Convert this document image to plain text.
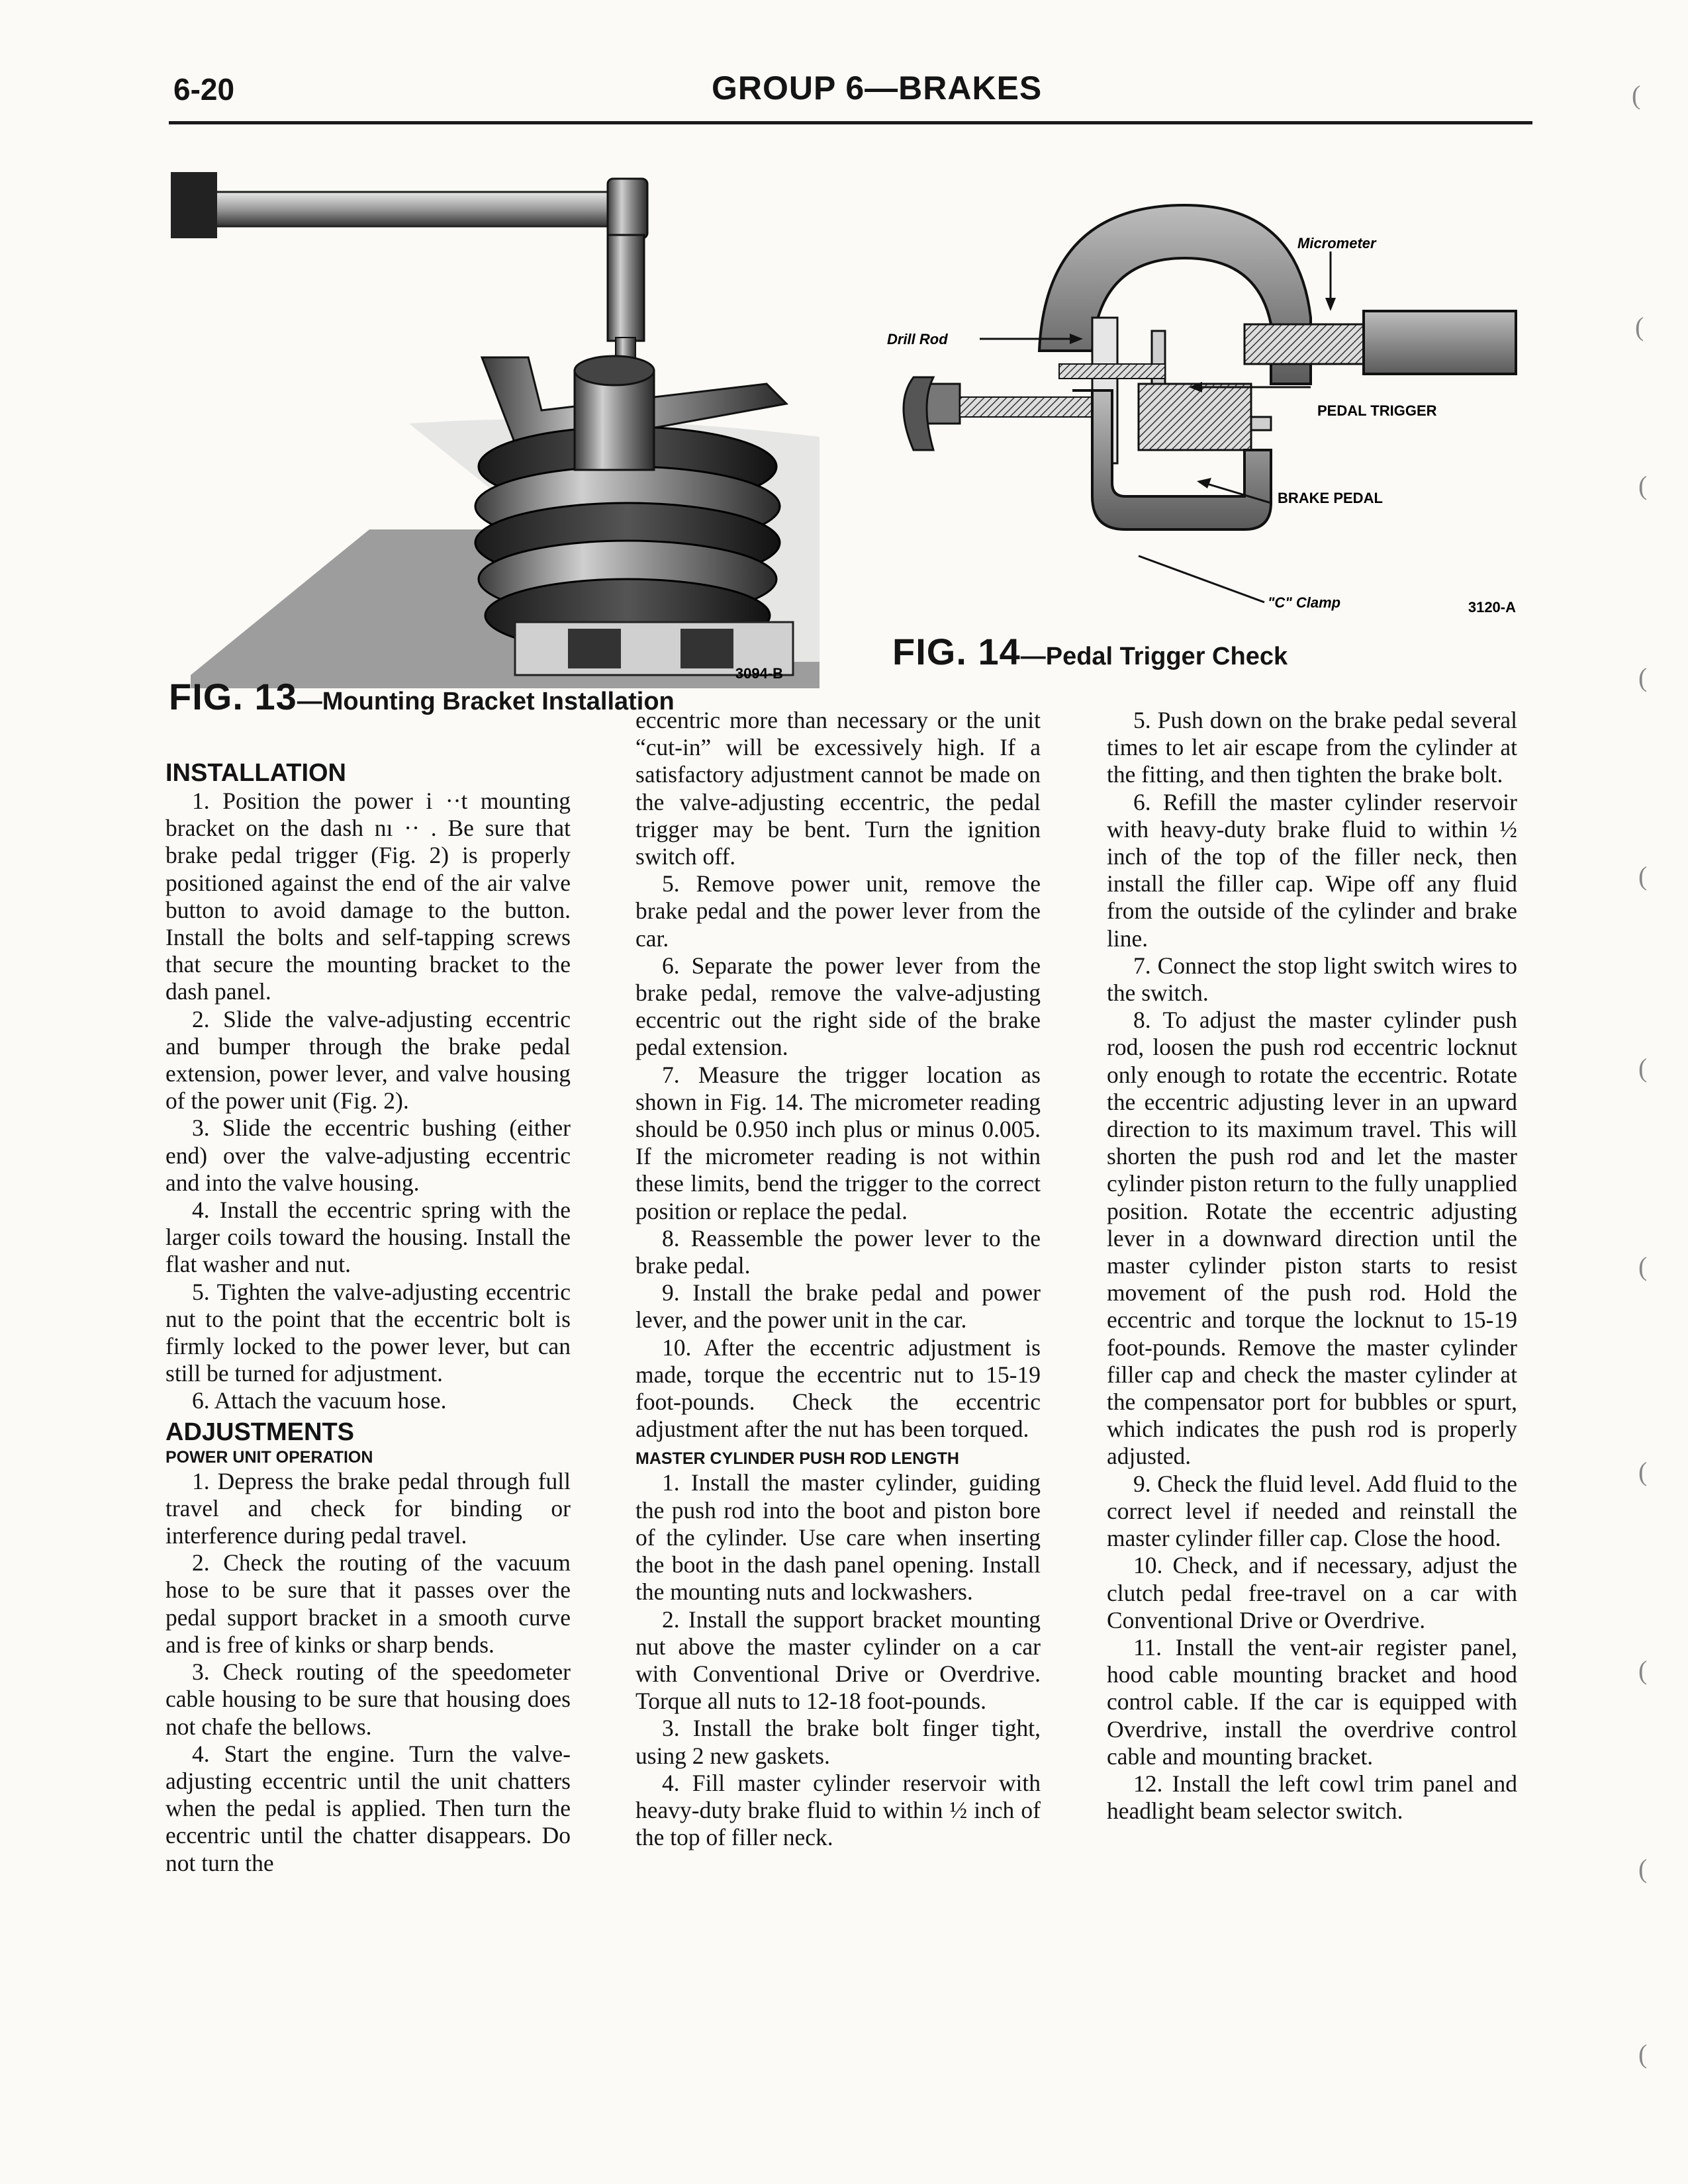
6-20	GROUP 6—BRAKES	(
(
(
(
(
(
(
(
(
(
(
3094-B
FIG. 13—Mounting Bracket Installation
Micrometer
Drill Rod
PEDAL TRIGGER
BRAKE PEDAL
"C" Clamp	3120-A
FIG. 14—Pedal Trigger Check
INSTALLATION

1. Position the power i ··t mounting bracket on the dash nı ·· . Be sure that brake pedal trigger (Fig. 2) is properly positioned against the end of the air valve button to avoid damage to the button. Install the bolts and self-tapping screws that secure the mounting bracket to the dash panel.

2. Slide the valve-adjusting eccentric and bumper through the brake pedal extension, power lever, and valve housing of the power unit (Fig. 2).

3. Slide the eccentric bushing (either end) over the valve-adjusting eccentric and into the valve housing.

4. Install the eccentric spring with the larger coils toward the housing. Install the flat washer and nut.

5. Tighten the valve-adjusting eccentric nut to the point that the eccentric bolt is firmly locked to the power lever, but can still be turned for adjustment.

6. Attach the vacuum hose.

ADJUSTMENTS
POWER UNIT OPERATION

1. Depress the brake pedal through full travel and check for binding or interference during pedal travel.

2. Check the routing of the vacuum hose to be sure that it passes over the pedal support bracket in a smooth curve and is free of kinks or sharp bends.

3. Check routing of the speedometer cable housing to be sure that housing does not chafe the bellows.

4. Start the engine. Turn the valve-adjusting eccentric until the unit chatters when the pedal is applied. Then turn the eccentric until the chatter disappears. Do not turn the

eccentric more than necessary or the unit “cut-in” will be excessively high. If a satisfactory adjustment cannot be made on the valve-adjusting eccentric, the pedal trigger may be bent. Turn the ignition switch off.

5. Remove power unit, remove the brake pedal and the power lever from the car.

6. Separate the power lever from the brake pedal, remove the valve-adjusting eccentric out the right side of the brake pedal extension.

7. Measure the trigger location as shown in Fig. 14. The micrometer reading should be 0.950 inch plus or minus 0.005. If the micrometer reading is not within these limits, bend the trigger to the correct position or replace the pedal.

8. Reassemble the power lever to the brake pedal.

9. Install the brake pedal and power lever, and the power unit in the car.

10. After the eccentric adjustment is made, torque the eccentric nut to 15-19 foot-pounds. Check the eccentric adjustment after the nut has been torqued.

MASTER CYLINDER PUSH ROD LENGTH

1. Install the master cylinder, guiding the push rod into the boot and piston bore of the cylinder. Use care when inserting the boot in the dash panel opening. Install the mounting nuts and lockwashers.

2. Install the support bracket mounting nut above the master cylinder on a car with Conventional Drive or Overdrive. Torque all nuts to 12-18 foot-pounds.

3. Install the brake bolt finger tight, using 2 new gaskets.

4. Fill master cylinder reservoir with heavy-duty brake fluid to within ½ inch of the top of filler neck.

5. Push down on the brake pedal several times to let air escape from the cylinder at the fitting, and then tighten the brake bolt.

6. Refill the master cylinder reservoir with heavy-duty brake fluid to within ½ inch of the top of the filler neck, then install the filler cap. Wipe off any fluid from the outside of the cylinder and brake line.

7. Connect the stop light switch wires to the switch.

8. To adjust the master cylinder push rod, loosen the push rod eccentric locknut only enough to rotate the eccentric. Rotate the eccentric adjusting lever in an upward direction to its maximum travel. This will shorten the push rod and let the master cylinder piston return to the fully unapplied position. Rotate the eccentric adjusting lever in a downward direction until the master cylinder piston starts to resist movement of the push rod. Hold the eccentric and torque the locknut to 15-19 foot-pounds. Remove the master cylinder filler cap and check the master cylinder at the compensator port for bubbles or spurt, which indicates the push rod is properly adjusted.

9. Check the fluid level. Add fluid to the correct level if needed and reinstall the master cylinder filler cap. Close the hood.

10. Check, and if necessary, adjust the clutch pedal free-travel on a car with Conventional Drive or Overdrive.

11. Install the vent-air register panel, hood cable mounting bracket and hood control cable. If the car is equipped with Overdrive, install the overdrive control cable and mounting bracket.

12. Install the left cowl trim panel and headlight beam selector switch.
